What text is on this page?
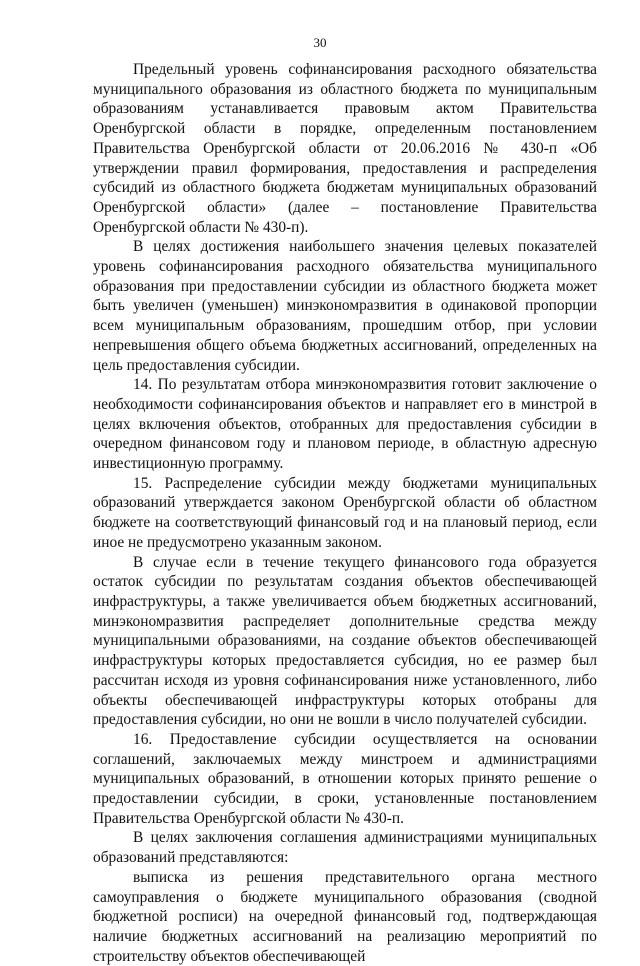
30

Предельный уровень софинансирования расходного обязательства муниципального образования из областного бюджета по муниципальным образованиям устанавливается правовым актом Правительства Оренбургской области в порядке, определенным постановлением Правительства Оренбургской области от 20.06.2016 № 430-п «Об утверждении правил формирования, предоставления и распределения субсидий из областного бюджета бюджетам муниципальных образований Оренбургской области» (далее – постановление Правительства Оренбургской области № 430-п).

В целях достижения наибольшего значения целевых показателей уровень софинансирования расходного обязательства муниципального образования при предоставлении субсидии из областного бюджета может быть увеличен (уменьшен) минэкономразвития в одинаковой пропорции всем муниципальным образованиям, прошедшим отбор, при условии непревышения общего объема бюджетных ассигнований, определенных на цель предоставления субсидии.

14. По результатам отбора минэкономразвития готовит заключение о необходимости софинансирования объектов и направляет его в минстрой в целях включения объектов, отобранных для предоставления субсидии в очередном финансовом году и плановом периоде, в областную адресную инвестиционную программу.

15. Распределение субсидии между бюджетами муниципальных образований утверждается законом Оренбургской области об областном бюджете на соответствующий финансовый год и на плановый период, если иное не предусмотрено указанным законом.

В случае если в течение текущего финансового года образуется остаток субсидии по результатам создания объектов обеспечивающей инфраструктуры, а также увеличивается объем бюджетных ассигнований, минэкономразвития распределяет дополнительные средства между муниципальными образованиями, на создание объектов обеспечивающей инфраструктуры которых предоставляется субсидия, но ее размер был рассчитан исходя из уровня софинансирования ниже установленного, либо объекты обеспечивающей инфраструктуры которых отобраны для предоставления субсидии, но они не вошли в число получателей субсидии.

16. Предоставление субсидии осуществляется на основании соглашений, заключаемых между минстроем и администрациями муниципальных образований, в отношении которых принято решение о предоставлении субсидии, в сроки, установленные постановлением Правительства Оренбургской области № 430-п.

В целях заключения соглашения администрациями муниципальных образований представляются:

выписка из решения представительного органа местного самоуправления о бюджете муниципального образования (сводной бюджетной росписи) на очередной финансовый год, подтверждающая наличие бюджетных ассигнований на реализацию мероприятий по строительству объектов обеспечивающей
